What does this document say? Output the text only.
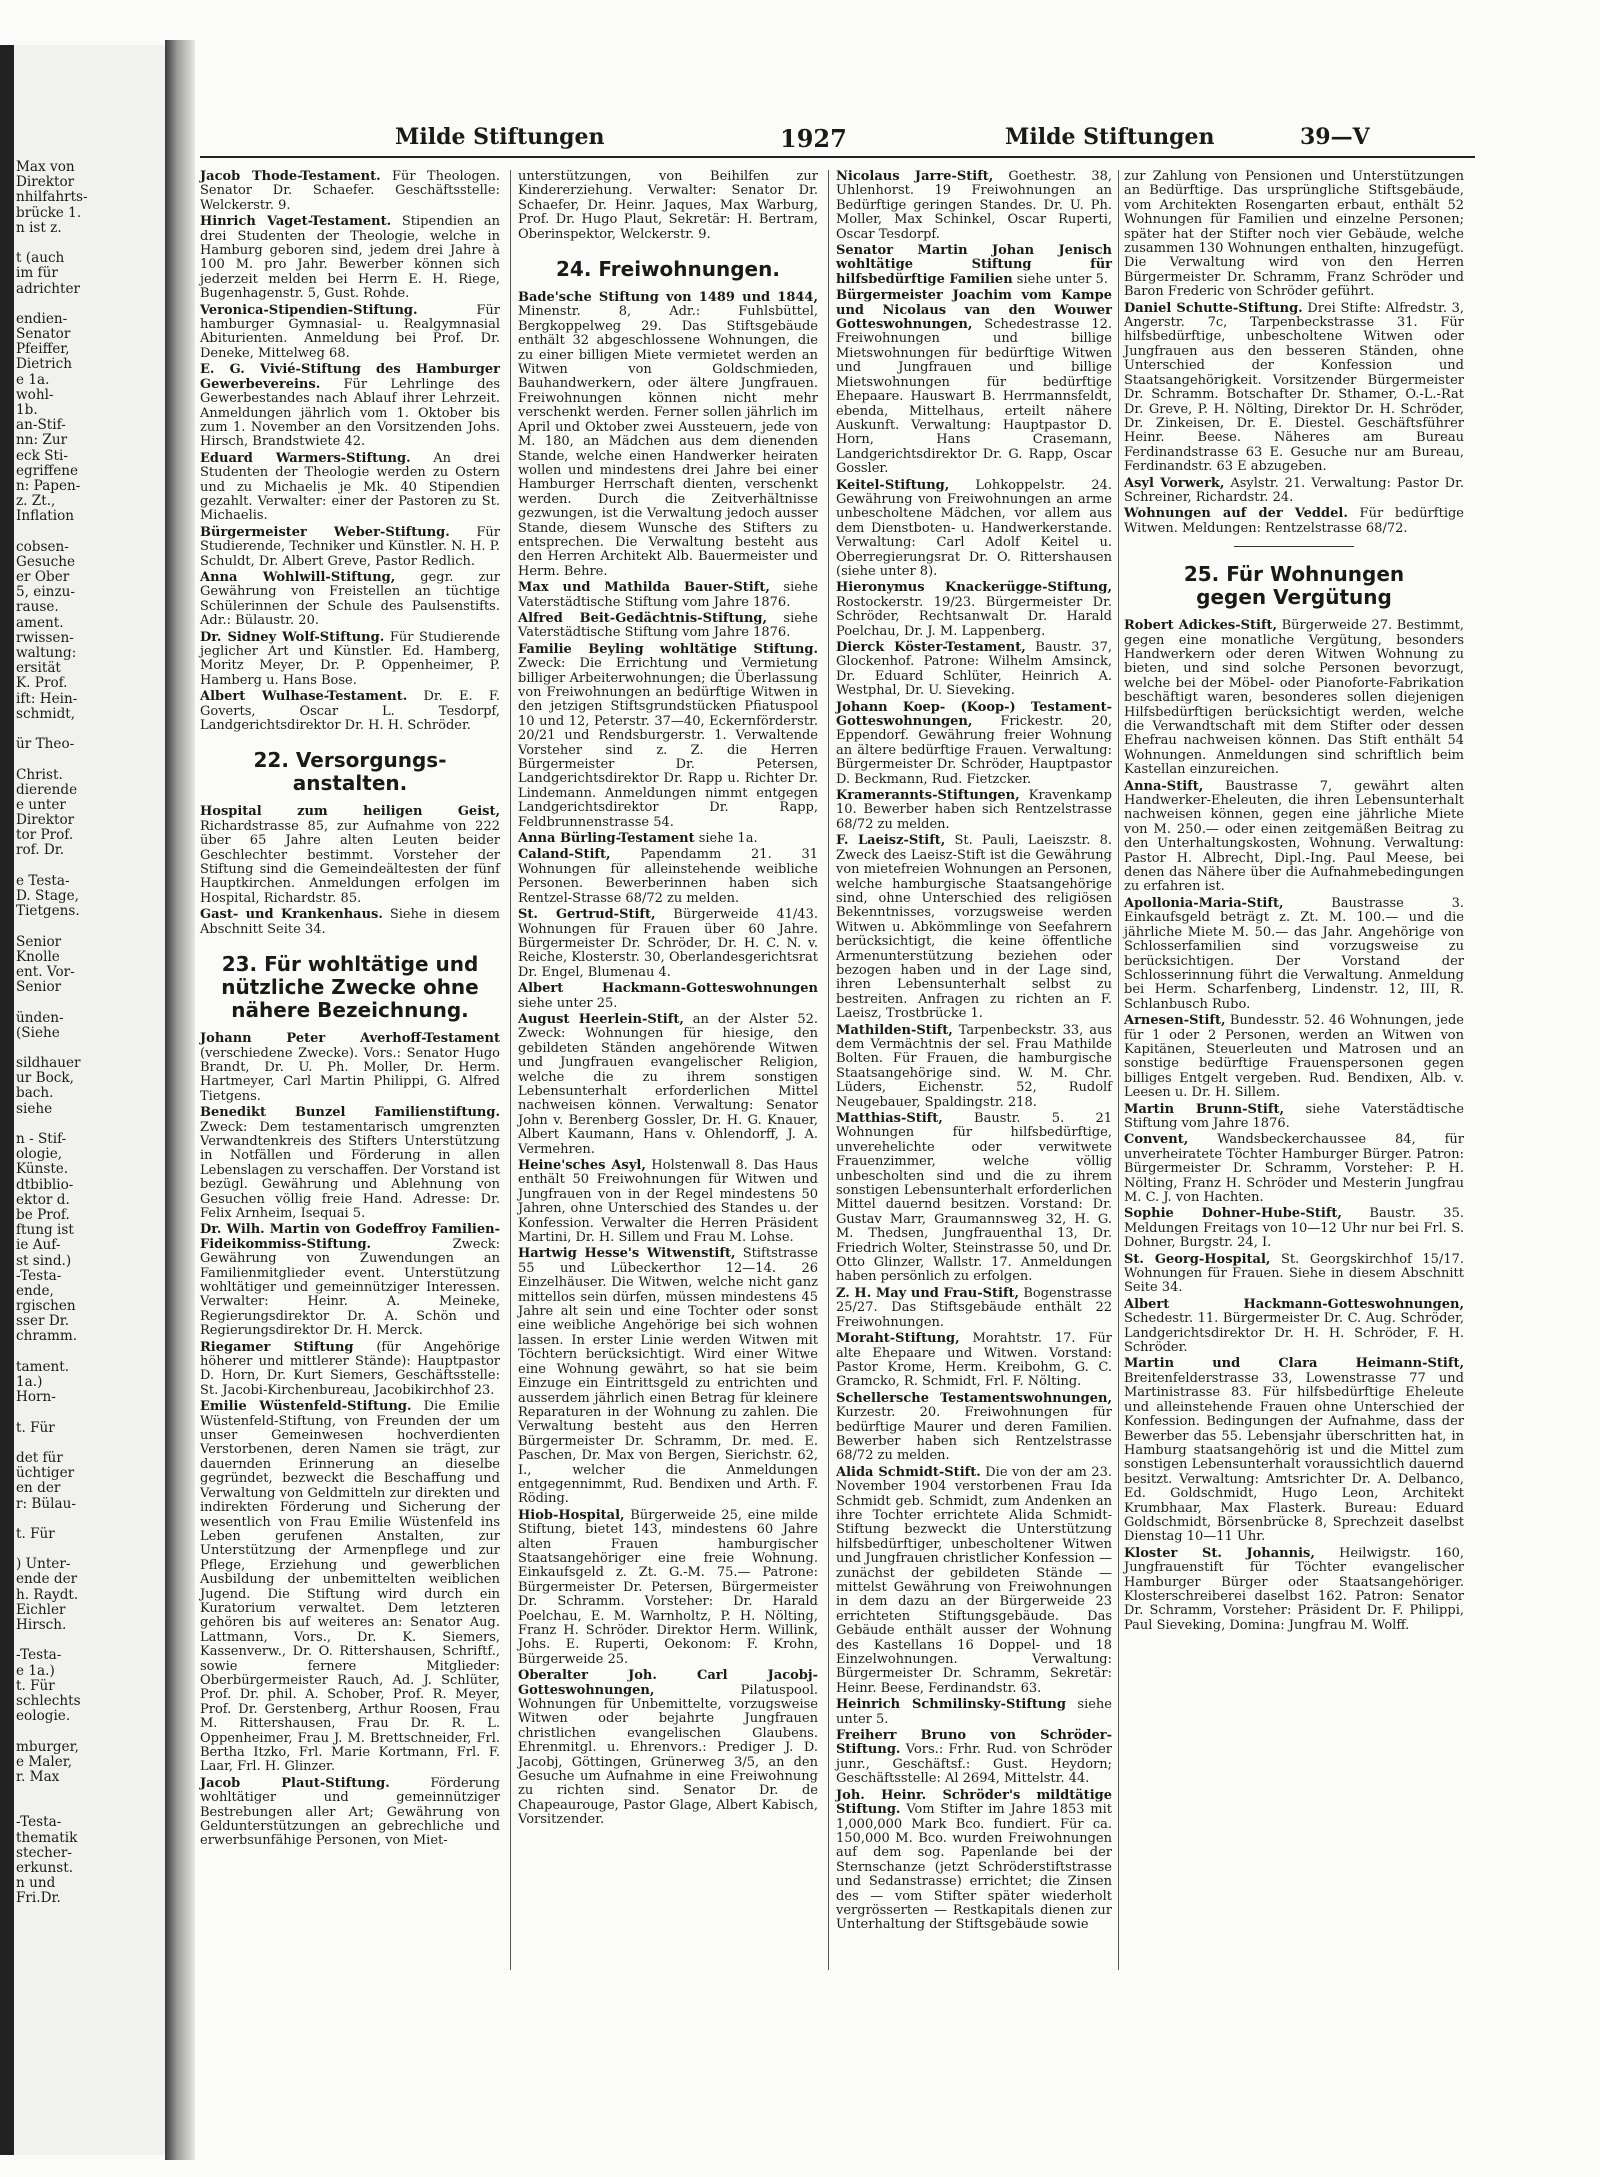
Max von
Direktor
nhilfahrts-
brücke 1.
n ist z.
t (auch
im für
adrichter
endien-
Senator
Pfeiffer,
Dietrich
e 1a.
wohl-
1b.
an-Stif-
nn: Zur
eck Sti-
egriffene
n: Papen-
z. Zt.,
Inflation
cobsen-
Gesuche
er Ober
5, einzu-
rause.
ament.
rwissen-
waltung:
ersität
K. Prof.
ift: Hein-
schmidt,
ür Theo-
Christ.
dierende
e unter
Direktor
tor Prof.
rof. Dr.
e Testa-
D. Stage,
Tietgens.
Senior
Knolle
ent. Vor-
Senior
ünden-
(Siehe
sildhauer
ur Bock,
bach.
siehe
n - Stif-
ologie,
Künste.
dtbiblio-
ektor d.
be Prof.
ftung ist
ie Auf-
st sind.)
-Testa-
ende,
rgischen
sser Dr.
chramm.
tament.
1a.)
Horn-
t. Für
det für
üchtiger
en der
r: Bülau-
t. Für
) Unter-
ende der
h. Raydt.
Eichler
Hirsch.
-Testa-
e 1a.)
t. Für
schlechts
eologie.
mburger,
e Maler,
r. Max
-Testa-
thematik
stecher-
erkunst.
n und
Fri.Dr.
Milde Stiftungen	1927	Milde Stiftungen	39—V

Jacob Thode-Testament. Für Theologen. Senator Dr. Schaefer. Geschäftsstelle: Welckerstr. 9.

Hinrich Vaget-Testament. Stipendien an drei Studenten der Theologie, welche in Hamburg geboren sind, jedem drei Jahre à 100 M. pro Jahr. Bewerber können sich jederzeit melden bei Herrn E. H. Riege, Bugenhagenstr. 5, Gust. Rohde.

Veronica-Stipendien-Stiftung. Für hamburger Gymnasial- u. Realgymnasial Abiturienten. Anmeldung bei Prof. Dr. Deneke, Mittelweg 68.

E. G. Vivié-Stiftung des Hamburger Gewerbevereins. Für Lehrlinge des Gewerbestandes nach Ablauf ihrer Lehrzeit. Anmeldungen jährlich vom 1. Oktober bis zum 1. November an den Vorsitzenden Johs. Hirsch, Brandstwiete 42.

Eduard Warmers-Stiftung. An drei Studenten der Theologie werden zu Ostern und zu Michaelis je Mk. 40 Stipendien gezahlt. Verwalter: einer der Pastoren zu St. Michaelis.

Bürgermeister Weber-Stiftung. Für Studierende, Techniker und Künstler. N. H. P. Schuldt, Dr. Albert Greve, Pastor Redlich.

Anna Wohlwill-Stiftung, gegr. zur Gewährung von Freistellen an tüchtige Schülerinnen der Schule des Paulsenstifts. Adr.: Bülaustr. 20.

Dr. Sidney Wolf-Stiftung. Für Studierende jeglicher Art und Künstler. Ed. Hamberg, Moritz Meyer, Dr. P. Oppenheimer, P. Hamberg u. Hans Bose.

Albert Wulhase-Testament. Dr. E. F. Goverts, Oscar L. Tesdorpf, Landgerichtsdirektor Dr. H. H. Schröder.

22. Versorgungs-
anstalten.

Hospital zum heiligen Geist, Richardstrasse 85, zur Aufnahme von 222 über 65 Jahre alten Leuten beider Geschlechter bestimmt. Vorsteher der Stiftung sind die Gemeindeältesten der fünf Hauptkirchen. Anmeldungen erfolgen im Hospital, Richardstr. 85.

Gast- und Krankenhaus. Siehe in diesem Abschnitt Seite 34.

23. Für wohltätige und nützliche Zwecke ohne nähere Bezeichnung.

Johann Peter Averhoff-Testament (verschiedene Zwecke). Vors.: Senator Hugo Brandt, Dr. U. Ph. Moller, Dr. Herm. Hartmeyer, Carl Martin Philippi, G. Alfred Tietgens.

Benedikt Bunzel Familienstiftung. Zweck: Dem testamentarisch umgrenzten Verwandtenkreis des Stifters Unterstützung in Notfällen und Förderung in allen Lebenslagen zu verschaffen. Der Vorstand ist bezügl. Gewährung und Ablehnung von Gesuchen völlig freie Hand. Adresse: Dr. Felix Arnheim, Isequai 5.

Dr. Wilh. Martin von Godeffroy Familien-Fideikommiss-Stiftung. Zweck: Gewährung von Zuwendungen an Familienmitglieder event. Unterstützung wohltätiger und gemeinnütziger Interessen. Verwalter: Heinr. A. Meineke, Regierungsdirektor Dr. A. Schön und Regierungsdirektor Dr. H. Merck.

Riegamer Stiftung (für Angehörige höherer und mittlerer Stände): Hauptpastor D. Horn, Dr. Kurt Siemers, Geschäftsstelle: St. Jacobi-Kirchenbureau, Jacobikirchhof 23.

Emilie Wüstenfeld-Stiftung. Die Emilie Wüstenfeld-Stiftung, von Freunden der um unser Gemeinwesen hochverdienten Verstorbenen, deren Namen sie trägt, zur dauernden Erinnerung an dieselbe gegründet, bezweckt die Beschaffung und Verwaltung von Geldmitteln zur direkten und indirekten Förderung und Sicherung der wesentlich von Frau Emilie Wüstenfeld ins Leben gerufenen Anstalten, zur Unterstützung der Armenpflege und zur Pflege, Erziehung und gewerblichen Ausbildung der unbemittelten weiblichen Jugend. Die Stiftung wird durch ein Kuratorium verwaltet. Dem letzteren gehören bis auf weiteres an: Senator Aug. Lattmann, Vors., Dr. K. Siemers, Kassenverw., Dr. O. Rittershausen, Schriftf., sowie fernere Mitglieder: Oberbürgermeister Rauch, Ad. J. Schlüter, Prof. Dr. phil. A. Schober, Prof. R. Meyer, Prof. Dr. Gerstenberg, Arthur Roosen, Frau M. Rittershausen, Frau Dr. R. L. Oppenheimer, Frau J. M. Brettschneider, Frl. Bertha Itzko, Frl. Marie Kortmann, Frl. F. Laar, Frl. H. Glinzer.

Jacob Plaut-Stiftung. Förderung wohltätiger und gemeinnütziger Bestrebungen aller Art; Gewährung von Geldunterstützungen an gebrechliche und erwerbsunfähige Personen, von Miet-

unterstützungen, von Beihilfen zur Kindererziehung. Verwalter: Senator Dr. Schaefer, Dr. Heinr. Jaques, Max Warburg, Prof. Dr. Hugo Plaut, Sekretär: H. Bertram, Oberinspektor, Welckerstr. 9.

24. Freiwohnungen.

Bade'sche Stiftung von 1489 und 1844, Minenstr. 8, Adr.: Fuhlsbüttel, Bergkoppelweg 29. Das Stiftsgebäude enthält 32 abgeschlossene Wohnungen, die zu einer billigen Miete vermietet werden an Witwen von Goldschmieden, Bauhandwerkern, oder ältere Jungfrauen. Freiwohnungen können nicht mehr verschenkt werden. Ferner sollen jährlich im April und Oktober zwei Aussteuern, jede von M. 180, an Mädchen aus dem dienenden Stande, welche einen Handwerker heiraten wollen und mindestens drei Jahre bei einer Hamburger Herrschaft dienten, verschenkt werden. Durch die Zeitverhältnisse gezwungen, ist die Verwaltung jedoch ausser Stande, diesem Wunsche des Stifters zu entsprechen. Die Verwaltung besteht aus den Herren Architekt Alb. Bauermeister und Herm. Behre.

Max und Mathilda Bauer-Stift, siehe Vaterstädtische Stiftung vom Jahre 1876.

Alfred Beit-Gedächtnis-Stiftung, siehe Vaterstädtische Stiftung vom Jahre 1876.

Familie Beyling wohltätige Stiftung. Zweck: Die Errichtung und Vermietung billiger Arbeiterwohnungen; die Überlassung von Freiwohnungen an bedürftige Witwen in den jetzigen Stiftsgrundstücken Pfiatuspool 10 und 12, Peterstr. 37—40, Eckernförderstr. 20/21 und Rendsburgerstr. 1. Verwaltende Vorsteher sind z. Z. die Herren Bürgermeister Dr. Petersen, Landgerichtsdirektor Dr. Rapp u. Richter Dr. Lindemann. Anmeldungen nimmt entgegen Landgerichtsdirektor Dr. Rapp, Feldbrunnenstrasse 54.

Anna Bürling-Testament siehe 1a.

Caland-Stift, Papendamm 21. 31 Wohnungen für alleinstehende weibliche Personen. Bewerberinnen haben sich Rentzel-Strasse 68/72 zu melden.

St. Gertrud-Stift, Bürgerweide 41/43. Wohnungen für Frauen über 60 Jahre. Bürgermeister Dr. Schröder, Dr. H. C. N. v. Reiche, Klosterstr. 30, Oberlandesgerichtsrat Dr. Engel, Blumenau 4.

Albert Hackmann-Gotteswohnungen siehe unter 25.

August Heerlein-Stift, an der Alster 52. Zweck: Wohnungen für hiesige, den gebildeten Ständen angehörende Witwen und Jungfrauen evangelischer Religion, welche die zu ihrem sonstigen Lebensunterhalt erforderlichen Mittel nachweisen können. Verwaltung: Senator John v. Berenberg Gossler, Dr. H. G. Knauer, Albert Kaumann, Hans v. Ohlendorff, J. A. Vermehren.

Heine'sches Asyl, Holstenwall 8. Das Haus enthält 50 Freiwohnungen für Witwen und Jungfrauen von in der Regel mindestens 50 Jahren, ohne Unterschied des Standes u. der Konfession. Verwalter die Herren Präsident Martini, Dr. H. Sillem und Frau M. Lohse.

Hartwig Hesse's Witwenstift, Stiftstrasse 55 und Lübeckerthor 12—14. 26 Einzelhäuser. Die Witwen, welche nicht ganz mittellos sein dürfen, müssen mindestens 45 Jahre alt sein und eine Tochter oder sonst eine weibliche Angehörige bei sich wohnen lassen. In erster Linie werden Witwen mit Töchtern berücksichtigt. Wird einer Witwe eine Wohnung gewährt, so hat sie beim Einzuge ein Eintrittsgeld zu entrichten und ausserdem jährlich einen Betrag für kleinere Reparaturen in der Wohnung zu zahlen. Die Verwaltung besteht aus den Herren Bürgermeister Dr. Schramm, Dr. med. E. Paschen, Dr. Max von Bergen, Sierichstr. 62, I., welcher die Anmeldungen entgegennimmt, Rud. Bendixen und Arth. F. Röding.

Hiob-Hospital, Bürgerweide 25, eine milde Stiftung, bietet 143, mindestens 60 Jahre alten Frauen hamburgischer Staatsangehöriger eine freie Wohnung. Einkaufsgeld z. Zt. G.-M. 75.— Patrone: Bürgermeister Dr. Petersen, Bürgermeister Dr. Schramm. Vorsteher: Dr. Harald Poelchau, E. M. Warnholtz, P. H. Nölting, Franz H. Schröder. Direktor Herm. Willink, Johs. E. Ruperti, Oekonom: F. Krohn, Bürgerweide 25.

Oberalter Joh. Carl Jacobj-Gotteswohnungen, Pilatuspool. Wohnungen für Unbemittelte, vorzugsweise Witwen oder bejahrte Jungfrauen christlichen evangelischen Glaubens. Ehrenmitgl. u. Ehrenvors.: Prediger J. D. Jacobj, Göttingen, Grünerweg 3/5, an den Gesuche um Aufnahme in eine Freiwohnung zu richten sind. Senator Dr. de Chapeaurouge, Pastor Glage, Albert Kabisch, Vorsitzender.

Nicolaus Jarre-Stift, Goethestr. 38, Uhlenhorst. 19 Freiwohnungen an Bedürftige geringen Standes. Dr. U. Ph. Moller, Max Schinkel, Oscar Ruperti, Oscar Tesdorpf.

Senator Martin Johan Jenisch wohltätige Stiftung für hilfsbedürftige Familien siehe unter 5.

Bürgermeister Joachim vom Kampe und Nicolaus van den Wouwer Gotteswohnungen, Schedestrasse 12. Freiwohnungen und billige Mietswohnungen für bedürftige Witwen und Jungfrauen und billige Mietswohnungen für bedürftige Ehepaare. Hauswart B. Herrmannsfeldt, ebenda, Mittelhaus, erteilt nähere Auskunft. Verwaltung: Hauptpastor D. Horn, Hans Crasemann, Landgerichtsdirektor Dr. G. Rapp, Oscar Gossler.

Keitel-Stiftung, Lohkoppelstr. 24. Gewährung von Freiwohnungen an arme unbescholtene Mädchen, vor allem aus dem Dienstboten- u. Handwerkerstande. Verwaltung: Carl Adolf Keitel u. Oberregierungsrat Dr. O. Rittershausen (siehe unter 8).

Hieronymus Knackerügge-Stiftung, Rostockerstr. 19/23. Bürgermeister Dr. Schröder, Rechtsanwalt Dr. Harald Poelchau, Dr. J. M. Lappenberg.

Dierck Köster-Testament, Baustr. 37, Glockenhof. Patrone: Wilhelm Amsinck, Dr. Eduard Schlüter, Heinrich A. Westphal, Dr. U. Sieveking.

Johann Koep- (Koop-) Testament-Gotteswohnungen, Frickestr. 20, Eppendorf. Gewährung freier Wohnung an ältere bedürftige Frauen. Verwaltung: Bürgermeister Dr. Schröder, Hauptpastor D. Beckmann, Rud. Fietzcker.

Kramerannts-Stiftungen, Kravenkamp 10. Bewerber haben sich Rentzelstrasse 68/72 zu melden.

F. Laeisz-Stift, St. Pauli, Laeiszstr. 8. Zweck des Laeisz-Stift ist die Gewährung von mietefreien Wohnungen an Personen, welche hamburgische Staatsangehörige sind, ohne Unterschied des religiösen Bekenntnisses, vorzugsweise werden Witwen u. Abkömmlinge von Seefahrern berücksichtigt, die keine öffentliche Armenunterstützung beziehen oder bezogen haben und in der Lage sind, ihren Lebensunterhalt selbst zu bestreiten. Anfragen zu richten an F. Laeisz, Trostbrücke 1.

Mathilden-Stift, Tarpenbeckstr. 33, aus dem Vermächtnis der sel. Frau Mathilde Bolten. Für Frauen, die hamburgische Staatsangehörige sind. W. M. Chr. Lüders, Eichenstr. 52, Rudolf Neugebauer, Spaldingstr. 218.

Matthias-Stift, Baustr. 5. 21 Wohnungen für hilfsbedürftige, unverehelichte oder verwitwete Frauenzimmer, welche völlig unbescholten sind und die zu ihrem sonstigen Lebensunterhalt erforderlichen Mittel dauernd besitzen. Vorstand: Dr. Gustav Marr, Graumannsweg 32, H. G. M. Thedsen, Jungfrauenthal 13, Dr. Friedrich Wolter, Steinstrasse 50, und Dr. Otto Glinzer, Wallstr. 17. Anmeldungen haben persönlich zu erfolgen.

Z. H. May und Frau-Stift, Bogenstrasse 25/27. Das Stiftsgebäude enthält 22 Freiwohnungen.

Moraht-Stiftung, Morahtstr. 17. Für alte Ehepaare und Witwen. Vorstand: Pastor Krome, Herm. Kreibohm, G. C. Gramcko, R. Schmidt, Frl. F. Nölting.

Schellersche Testamentswohnungen, Kurzestr. 20. Freiwohnungen für bedürftige Maurer und deren Familien. Bewerber haben sich Rentzelstrasse 68/72 zu melden.

Alida Schmidt-Stift. Die von der am 23. November 1904 verstorbenen Frau Ida Schmidt geb. Schmidt, zum Andenken an ihre Tochter errichtete Alida Schmidt-Stiftung bezweckt die Unterstützung hilfsbedürftiger, unbescholtener Witwen und Jungfrauen christlicher Konfession — zunächst der gebildeten Stände — mittelst Gewährung von Freiwohnungen in dem dazu an der Bürgerweide 23 errichteten Stiftungsgebäude. Das Gebäude enthält ausser der Wohnung des Kastellans 16 Doppel- und 18 Einzelwohnungen. Verwaltung: Bürgermeister Dr. Schramm, Sekretär: Heinr. Beese, Ferdinandstr. 63.

Heinrich Schmilinsky-Stiftung siehe unter 5.

Freiherr Bruno von Schröder-Stiftung. Vors.: Frhr. Rud. von Schröder junr., Geschäftsf.: Gust. Heydorn; Geschäftsstelle: Al 2694, Mittelstr. 44.

Joh. Heinr. Schröder's mildtätige Stiftung. Vom Stifter im Jahre 1853 mit 1,000,000 Mark Bco. fundiert. Für ca. 150,000 M. Bco. wurden Freiwohnungen auf dem sog. Papenlande bei der Sternschanze (jetzt Schröderstiftstrasse und Sedanstrasse) errichtet; die Zinsen des — vom Stifter später wiederholt vergrösserten — Restkapitals dienen zur Unterhaltung der Stiftsgebäude sowie

zur Zahlung von Pensionen und Unterstützungen an Bedürftige. Das ursprüngliche Stiftsgebäude, vom Architekten Rosengarten erbaut, enthält 52 Wohnungen für Familien und einzelne Personen; später hat der Stifter noch vier Gebäude, welche zusammen 130 Wohnungen enthalten, hinzugefügt. Die Verwaltung wird von den Herren Bürgermeister Dr. Schramm, Franz Schröder und Baron Frederic von Schröder geführt.

Daniel Schutte-Stiftung. Drei Stifte: Alfredstr. 3, Angerstr. 7c, Tarpenbeckstrasse 31. Für hilfsbedürftige, unbescholtene Witwen oder Jungfrauen aus den besseren Ständen, ohne Unterschied der Konfession und Staatsangehörigkeit. Vorsitzender Bürgermeister Dr. Schramm. Botschafter Dr. Sthamer, O.-L.-Rat Dr. Greve, P. H. Nölting, Direktor Dr. H. Schröder, Dr. Zinkeisen, Dr. E. Diestel. Geschäftsführer Heinr. Beese. Näheres am Bureau Ferdinandstrasse 63 E. Gesuche nur am Bureau, Ferdinandstr. 63 E abzugeben.

Asyl Vorwerk, Asylstr. 21. Verwaltung: Pastor Dr. Schreiner, Richardstr. 24.

Wohnungen auf der Veddel. Für bedürftige Witwen. Meldungen: Rentzelstrasse 68/72.

25. Für Wohnungen
gegen Vergütung

Robert Adickes-Stift, Bürgerweide 27. Bestimmt, gegen eine monatliche Vergütung, besonders Handwerkern oder deren Witwen Wohnung zu bieten, und sind solche Personen bevorzugt, welche bei der Möbel- oder Pianoforte-Fabrikation beschäftigt waren, besonderes sollen diejenigen Hilfsbedürftigen berücksichtigt werden, welche die Verwandtschaft mit dem Stifter oder dessen Ehefrau nachweisen können. Das Stift enthält 54 Wohnungen. Anmeldungen sind schriftlich beim Kastellan einzureichen.

Anna-Stift, Baustrasse 7, gewährt alten Handwerker-Eheleuten, die ihren Lebensunterhalt nachweisen können, gegen eine jährliche Miete von M. 250.— oder einen zeitgemäßen Beitrag zu den Unterhaltungskosten, Wohnung. Verwaltung: Pastor H. Albrecht, Dipl.-Ing. Paul Meese, bei denen das Nähere über die Aufnahmebedingungen zu erfahren ist.

Apollonia-Maria-Stift, Baustrasse 3. Einkaufsgeld beträgt z. Zt. M. 100.— und die jährliche Miete M. 50.— das Jahr. Angehörige von Schlosserfamilien sind vorzugsweise zu berücksichtigen. Der Vorstand der Schlosserinnung führt die Verwaltung. Anmeldung bei Herm. Scharfenberg, Lindenstr. 12, III, R. Schlanbusch Rubo.

Arnesen-Stift, Bundesstr. 52. 46 Wohnungen, jede für 1 oder 2 Personen, werden an Witwen von Kapitänen, Steuerleuten und Matrosen und an sonstige bedürftige Frauenspersonen gegen billiges Entgelt vergeben. Rud. Bendixen, Alb. v. Leesen u. Dr. H. Sillem.

Martin Brunn-Stift, siehe Vaterstädtische Stiftung vom Jahre 1876.

Convent, Wandsbeckerchaussee 84, für unverheiratete Töchter Hamburger Bürger. Patron: Bürgermeister Dr. Schramm, Vorsteher: P. H. Nölting, Franz H. Schröder und Mesterin Jungfrau M. C. J. von Hachten.

Sophie Dohner-Hube-Stift, Baustr. 35. Meldungen Freitags von 10—12 Uhr nur bei Frl. S. Dohner, Burgstr. 24, I.

St. Georg-Hospital, St. Georgskirchhof 15/17. Wohnungen für Frauen. Siehe in diesem Abschnitt Seite 34.

Albert Hackmann-Gotteswohnungen, Schedestr. 11. Bürgermeister Dr. C. Aug. Schröder, Landgerichtsdirektor Dr. H. H. Schröder, F. H. Schröder.

Martin und Clara Heimann-Stift, Breitenfelderstrasse 33, Lowenstrasse 77 und Martinistrasse 83. Für hilfsbedürftige Eheleute und alleinstehende Frauen ohne Unterschied der Konfession. Bedingungen der Aufnahme, dass der Bewerber das 55. Lebensjahr überschritten hat, in Hamburg staatsangehörig ist und die Mittel zum sonstigen Lebensunterhalt voraussichtlich dauernd besitzt. Verwaltung: Amtsrichter Dr. A. Delbanco, Ed. Goldschmidt, Hugo Leon, Architekt Krumbhaar, Max Flasterk. Bureau: Eduard Goldschmidt, Börsenbrücke 8, Sprechzeit daselbst Dienstag 10—11 Uhr.

Kloster St. Johannis, Heilwigstr. 160, Jungfrauenstift für Töchter evangelischer Hamburger Bürger oder Staatsangehöriger. Klosterschreiberei daselbst 162. Patron: Senator Dr. Schramm, Vorsteher: Präsident Dr. F. Philippi, Paul Sieveking, Domina: Jungfrau M. Wolff.
